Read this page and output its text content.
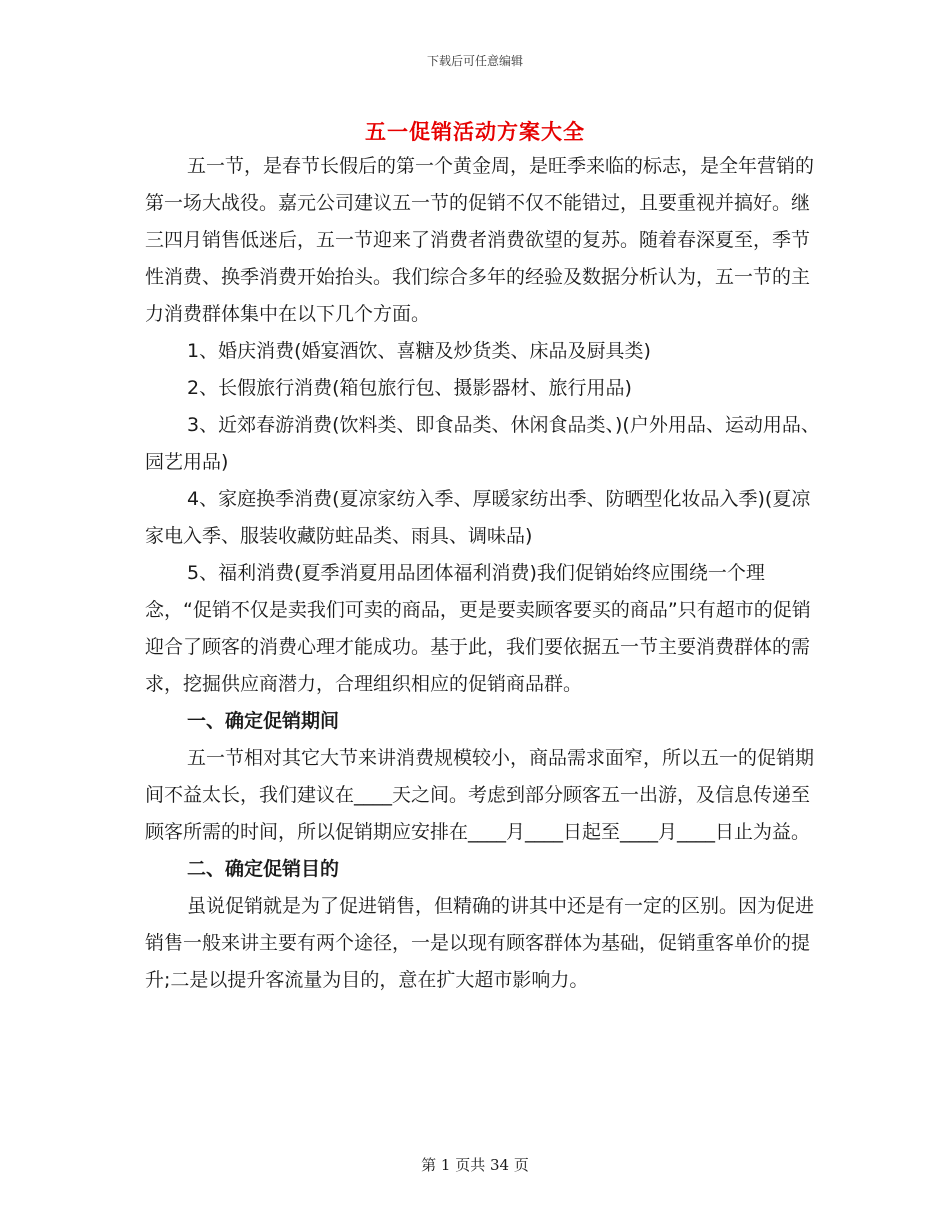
下载后可任意编辑
五一促销活动方案大全

五一节，是春节长假后的第一个黄金周，是旺季来临的标志，是全年营销的第一场大战役。嘉元公司建议五一节的促销不仅不能错过，且要重视并搞好。继三四月销售低迷后，五一节迎来了消费者消费欲望的复苏。随着春深夏至，季节性消费、换季消费开始抬头。我们综合多年的经验及数据分析认为，五一节的主力消费群体集中在以下几个方面。

1、婚庆消费(婚宴酒饮、喜糖及炒货类、床品及厨具类)

2、长假旅行消费(箱包旅行包、摄影器材、旅行用品)

3、近郊春游消费(饮料类、即食品类、休闲食品类、)(户外用品、运动用品、园艺用品)

4、家庭换季消费(夏凉家纺入季、厚暖家纺出季、防晒型化妆品入季)(夏凉家电入季、服装收藏防蛀品类、雨具、调味品)

5、福利消费(夏季消夏用品团体福利消费)我们促销始终应围绕一个理念，“促销不仅是卖我们可卖的商品，更是要卖顾客要买的商品”只有超市的促销迎合了顾客的消费心理才能成功。基于此，我们要依据五一节主要消费群体的需求，挖掘供应商潜力，合理组织相应的促销商品群。

一、确定促销期间

五一节相对其它大节来讲消费规模较小，商品需求面窄，所以五一的促销期间不益太长，我们建议在____天之间。考虑到部分顾客五一出游，及信息传递至顾客所需的时间，所以促销期应安排在____月____日起至____月____日止为益。

二、确定促销目的

虽说促销就是为了促进销售，但精确的讲其中还是有一定的区别。因为促进销售一般来讲主要有两个途径，一是以现有顾客群体为基础，促销重客单价的提升;二是以提升客流量为目的，意在扩大超市影响力。

第 1 页共 34 页
